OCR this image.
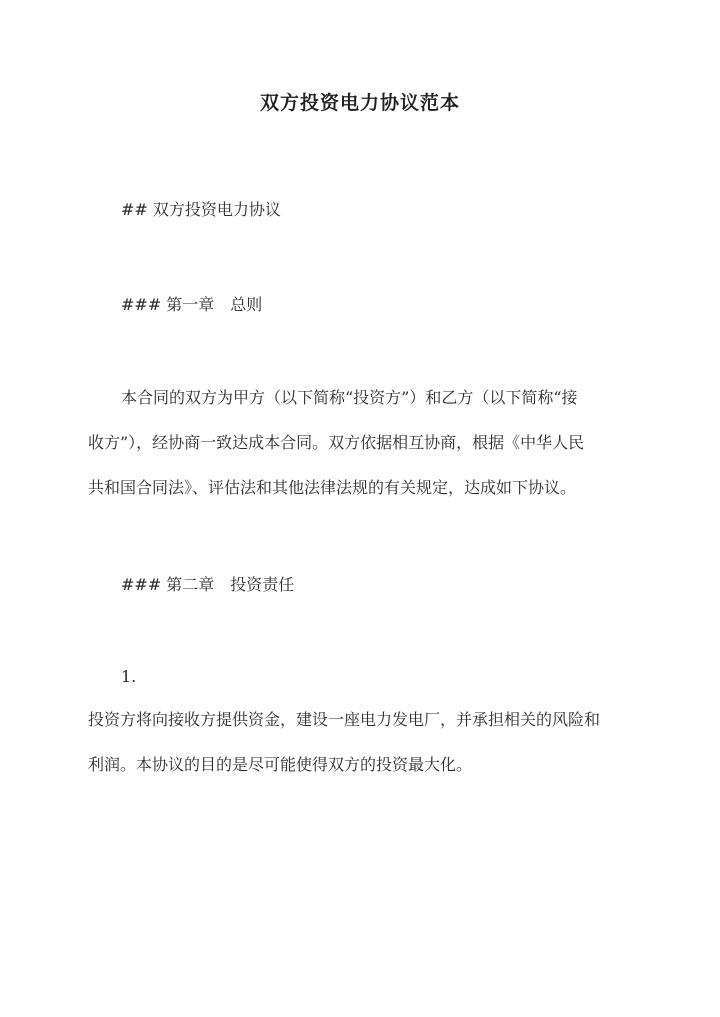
双方投资电力协议范本
## 双方投资电力协议
### 第一章　总则
本合同的双方为甲方（以下简称“投资方”）和乙方（以下简称“接
收方”），经协商一致达成本合同。双方依据相互协商，根据《中华人民
共和国合同法》、评估法和其他法律法规的有关规定，达成如下协议。
### 第二章　投资责任
1.
投资方将向接收方提供资金，建设一座电力发电厂，并承担相关的风险和
利润。本协议的目的是尽可能使得双方的投资最大化。
